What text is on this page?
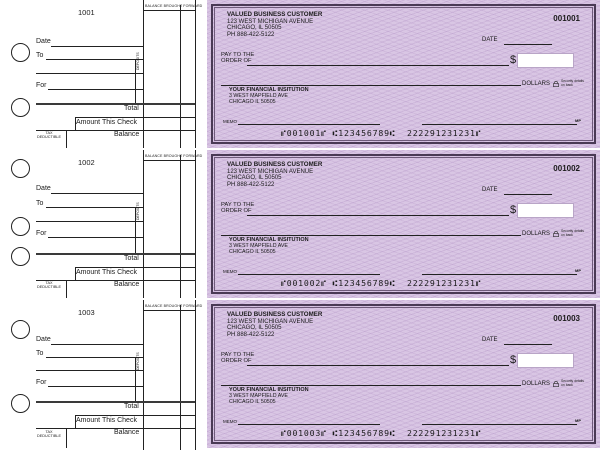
1001
BALANCE BROUGHT FORWARD
Date
To
For
DEPOSITS
Total
Amount This Check
TAX
DEDUCTIBLE	Balance
VALUED BUSINESS CUSTOMER
123 WEST MICHIGAN AVENUE
CHICAGO, IL 50505
PH 888-422-5122
001001
DATE
PAY TO THE
ORDER OF	$
DOLLARS	Security details on back
YOUR FINANCIAL INSITUTION
3 WEST MAPFIELD AVE
CHICAGO IL 50505
MEMO	MP
⑈001001⑈ ⑆123456789⑆  222291231231⑈
1002
BALANCE BROUGHT FORWARD
Date
To
For
DEPOSITS
Total
Amount This Check
TAX
DEDUCTIBLE	Balance
VALUED BUSINESS CUSTOMER
123 WEST MICHIGAN AVENUE
CHICAGO, IL 50505
PH 888-422-5122
001002
DATE
PAY TO THE
ORDER OF	$
DOLLARS	Security details on back
YOUR FINANCIAL INSITUTION
3 WEST MAPFIELD AVE
CHICAGO IL 50505
MEMO	MP
⑈001002⑈ ⑆123456789⑆  222291231231⑈
1003
BALANCE BROUGHT FORWARD
Date
To
For
DEPOSITS
Total
Amount This Check
TAX
DEDUCTIBLE
Balance
VALUED BUSINESS CUSTOMER
123 WEST MICHIGAN AVENUE
CHICAGO, IL 50505
PH 888-422-5122
001003
DATE
PAY TO THE
ORDER OF	$
DOLLARS	Security details on back
YOUR FINANCIAL INSITUTION
3 WEST MAPFIELD AVE
CHICAGO IL 50505
MEMO	MP
⑈001003⑈ ⑆123456789⑆  222291231231⑈
